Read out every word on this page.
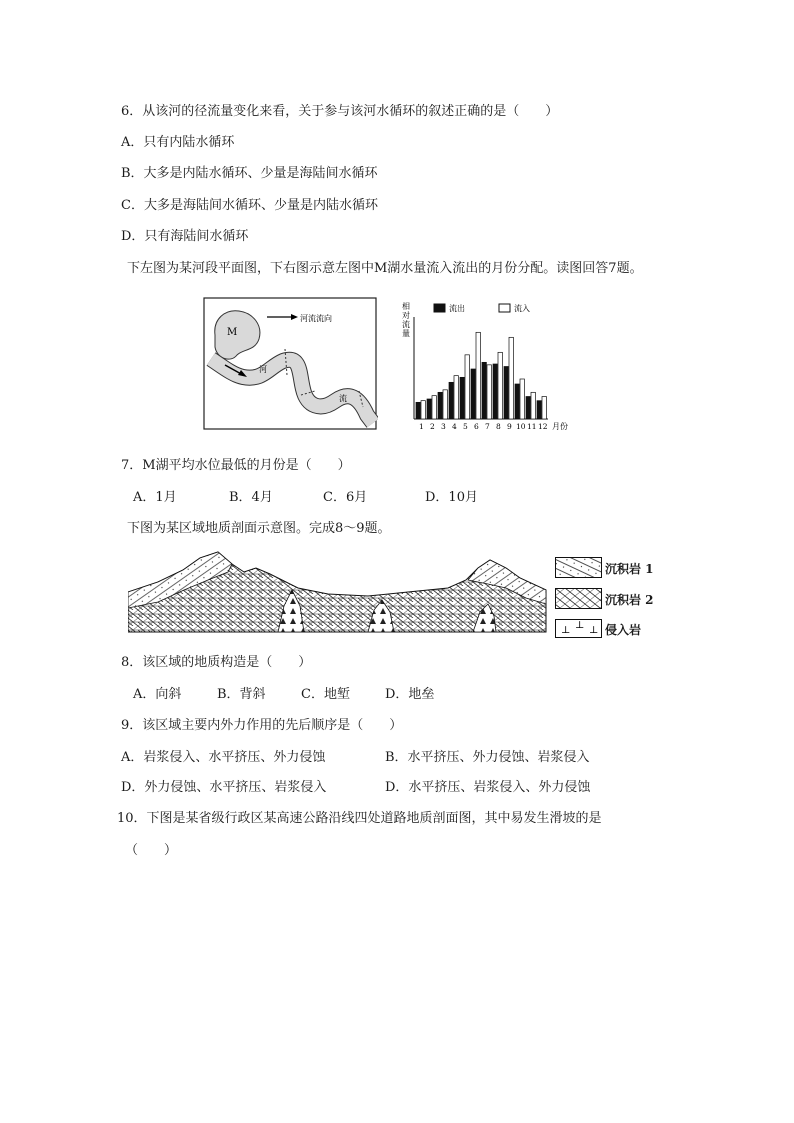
6．从该河的径流量变化来看，关于参与该河水循环的叙述正确的是（　　）
A．只有内陆水循环
B．大多是内陆水循环、少量是海陆间水循环
C．大多是海陆间水循环、少量是内陆水循环
D．只有海陆间水循环
下左图为某河段平面图，下右图示意左图中M湖水量流入流出的月份分配。读图回答7题。
M
河流流向
河
流
相对流量
流出	流入
1 2 3 4 5 6 7 8 9 10 11 12 月份
7．M湖平均水位最低的月份是（　　）
A．1月	B．4月	C．6月	D．10月
下图为某区域地质剖面示意图。完成8～9题。
沉积岩 1
沉积岩 2
⊥ ⊥ ⊥ 侵入岩
8．该区域的地质构造是（　　）
A．向斜	B．背斜	C．地堑	D．地垒
9．该区域主要内外力作用的先后顺序是（　　）
A．岩浆侵入、水平挤压、外力侵蚀	B．水平挤压、外力侵蚀、岩浆侵入
D．外力侵蚀、水平挤压、岩浆侵入	D．水平挤压、岩浆侵入、外力侵蚀
10．下图是某省级行政区某高速公路沿线四处道路地质剖面图，其中易发生滑坡的是
（　　）
